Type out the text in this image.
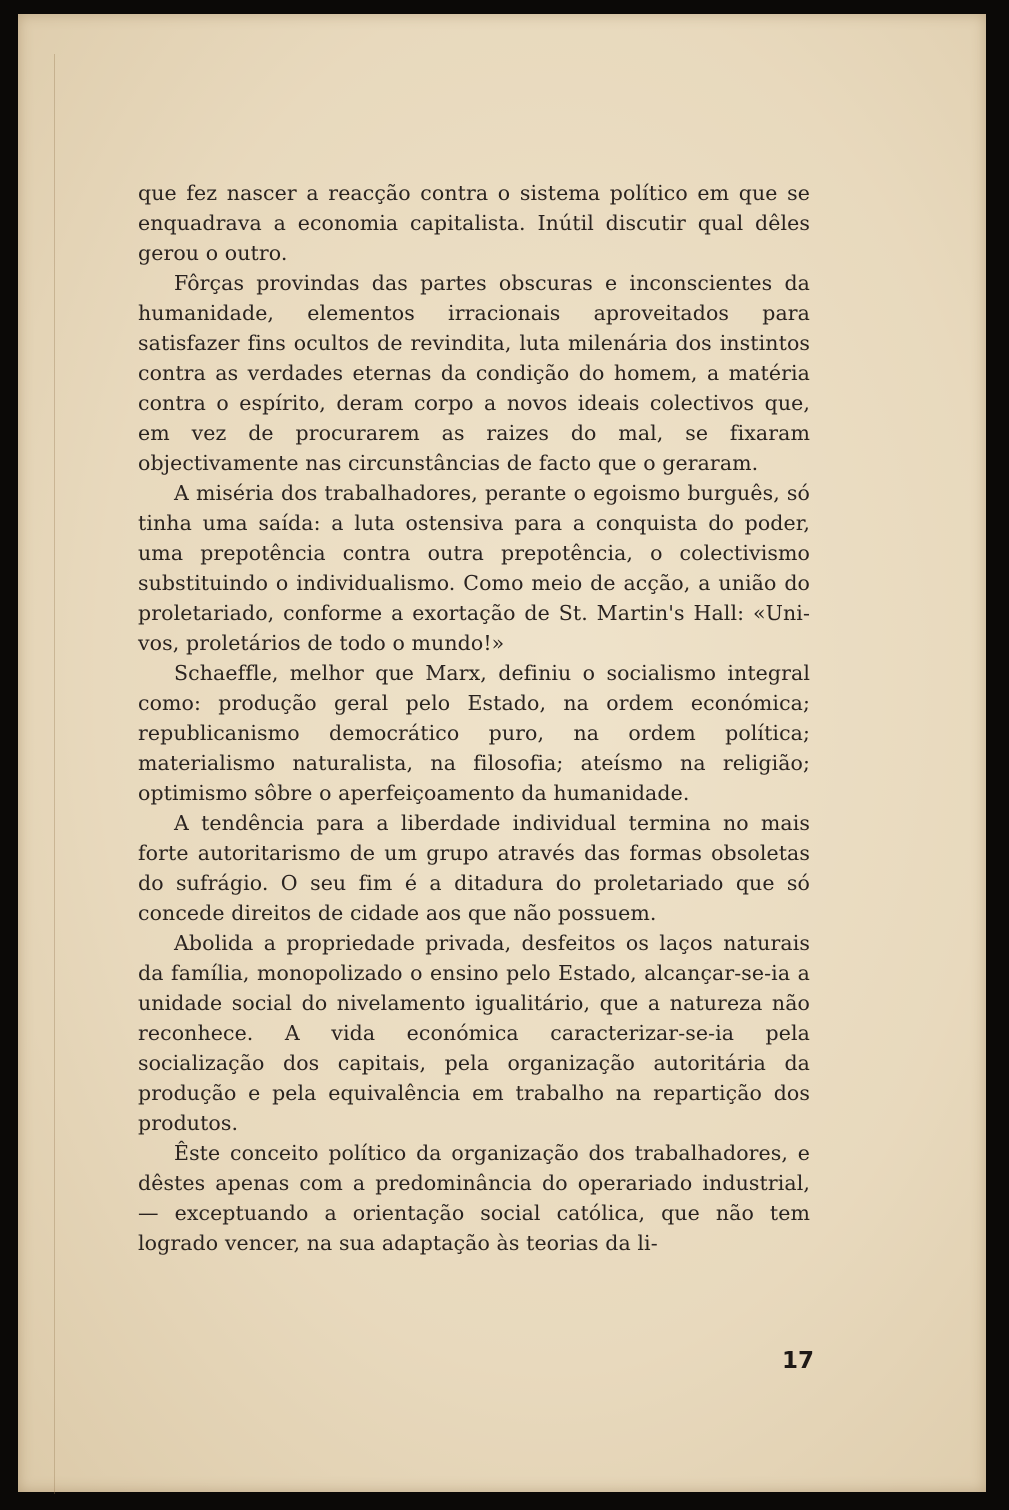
que fez nascer a reacção contra o sistema político em que se enquadrava a economia capitalista. Inútil discutir qual dêles gerou o outro.

Fôrças provindas das partes obscuras e inconscientes da humanidade, elementos irracionais aproveitados para satisfazer fins ocultos de revindita, luta milenária dos instintos contra as verdades eternas da condição do homem, a matéria contra o espírito, deram corpo a novos ideais colectivos que, em vez de procurarem as raizes do mal, se fixaram objectivamente nas circunstâncias de facto que o geraram.

A miséria dos trabalhadores, perante o egoismo burguês, só tinha uma saída: a luta ostensiva para a conquista do poder, uma prepotência contra outra prepotência, o colectivismo substituindo o individualismo. Como meio de acção, a união do proletariado, conforme a exortação de St. Martin's Hall: «Uni-vos, proletários de todo o mundo!»

Schaeffle, melhor que Marx, definiu o socialismo integral como: produção geral pelo Estado, na ordem económica; republicanismo democrático puro, na ordem política; materialismo naturalista, na filosofia; ateísmo na religião; optimismo sôbre o aperfeiçoamento da humanidade.

A tendência para a liberdade individual termina no mais forte autoritarismo de um grupo através das formas obsoletas do sufrágio. O seu fim é a ditadura do proletariado que só concede direitos de cidade aos que não possuem.

Abolida a propriedade privada, desfeitos os laços naturais da família, monopolizado o ensino pelo Estado, alcançar-se-ia a unidade social do nivelamento igualitário, que a natureza não reconhece. A vida económica caracterizar-se-ia pela socialização dos capitais, pela organização autoritária da produção e pela equivalência em trabalho na repartição dos produtos.

Êste conceito político da organização dos trabalhadores, e dêstes apenas com a predominância do operariado industrial, — exceptuando a orientação social católica, que não tem logrado vencer, na sua adaptação às teorias da li-

17
